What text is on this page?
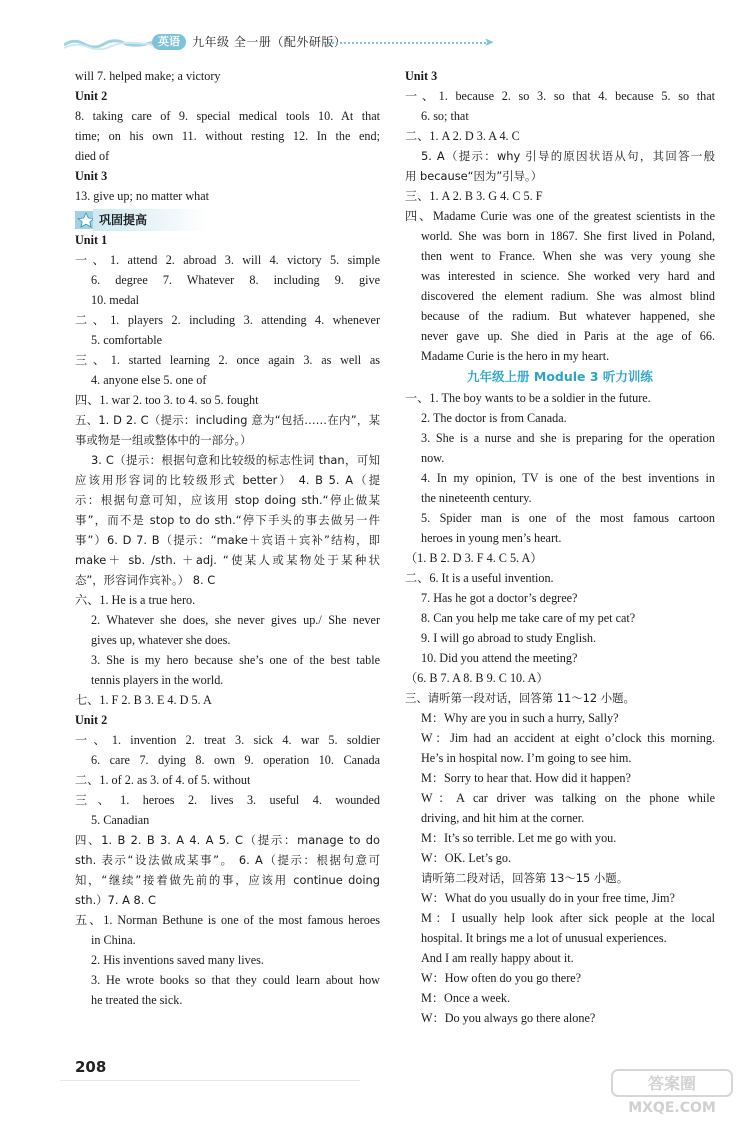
英语	九年级 全一册（配外研版）	➤
will 7. helped make; a victory
Unit 2
8. taking care of 9. special medical tools 10. At that
time; on his own 11. without resting 12. In the end;
died of
Unit 3
13. give up; no matter what
巩固提高
Unit 1
一、1. attend 2. abroad 3. will 4. victory 5. simple
6. degree 7. Whatever 8. including 9. give
10. medal
二、1. players 2. including 3. attending 4. whenever
5. comfortable
三、1. started learning 2. once again 3. as well as
4. anyone else 5. one of
四、1. war 2. too 3. to 4. so 5. fought
五、1. D 2. C（提示：including 意为“包括……在内”，某
事或物是一组或整体中的一部分。）
3. C（提示：根据句意和比较级的标志性词 than，可知
应该用形容词的比较级形式 better） 4. B 5. A（提
示：根据句意可知，应该用 stop doing sth.“停止做某
事”，而不是 stop to do sth.“停下手头的事去做另一件
事”）6. D 7. B（提示：“make＋宾语＋宾补”结构，即
make＋ sb. /sth. ＋adj. “使某人或某物处于某种状
态”，形容词作宾补。） 8. C
六、1. He is a true hero.
2. Whatever she does, she never gives up./ She never
gives up, whatever she does.
3. She is my hero because she’s one of the best table
tennis players in the world.
七、1. F 2. B 3. E 4. D 5. A
Unit 2
一、1. invention 2. treat 3. sick 4. war 5. soldier
6. care 7. dying 8. own 9. operation 10. Canada
二、1. of 2. as 3. of 4. of 5. without
三、1. heroes 2. lives 3. useful 4. wounded
5. Canadian
四、1. B 2. B 3. A 4. A 5. C（提示：manage to do
sth. 表示“设法做成某事”。 6. A（提示：根据句意可
知，“继续”接着做先前的事，应该用 continue doing
sth.）7. A 8. C
五、1. Norman Bethune is one of the most famous heroes
in China.
2. His inventions saved many lives.
3. He wrote books so that they could learn about how
he treated the sick.
Unit 3
一、1. because 2. so 3. so that 4. because 5. so that
6. so; that
二、1. A 2. D 3. A 4. C
5. A（提示：why 引导的原因状语从句，其回答一般
用 because“因为”引导。）
三、1. A 2. B 3. G 4. C 5. F
四、Madame Curie was one of the greatest scientists in the
world. She was born in 1867. She first lived in Poland,
then went to France. When she was very young she
was interested in science. She worked very hard and
discovered the element radium. She was almost blind
because of the radium. But whatever happened, she
never gave up. She died in Paris at the age of 66.
Madame Curie is the hero in my heart.
九年级上册 Module 3 听力训练
一、1. The boy wants to be a soldier in the future.
2. The doctor is from Canada.
3. She is a nurse and she is preparing for the operation
now.
4. In my opinion, TV is one of the best inventions in
the nineteenth century.
5. Spider man is one of the most famous cartoon
heroes in young men’s heart.
（1. B 2. D 3. F 4. C 5. A）
二、6. It is a useful invention.
7. Has he got a doctor’s degree?
8. Can you help me take care of my pet cat?
9. I will go abroad to study English.
10. Did you attend the meeting?
（6. B 7. A 8. B 9. C 10. A）
三、请听第一段对话，回答第 11～12 小题。
M：Why are you in such a hurry, Sally?
W：Jim had an accident at eight o’clock this morning.
He’s in hospital now. I’m going to see him.
M：Sorry to hear that. How did it happen?
W：A car driver was talking on the phone while
driving, and hit him at the corner.
M：It’s so terrible. Let me go with you.
W：OK. Let’s go.
请听第二段对话，回答第 13～15 小题。
W：What do you usually do in your free time, Jim?
M：I usually help look after sick people at the local
hospital. It brings me a lot of unusual experiences.
And I am really happy about it.
W：How often do you go there?
M：Once a week.
W：Do you always go there alone?
208
答案圈
MXQE.COM
